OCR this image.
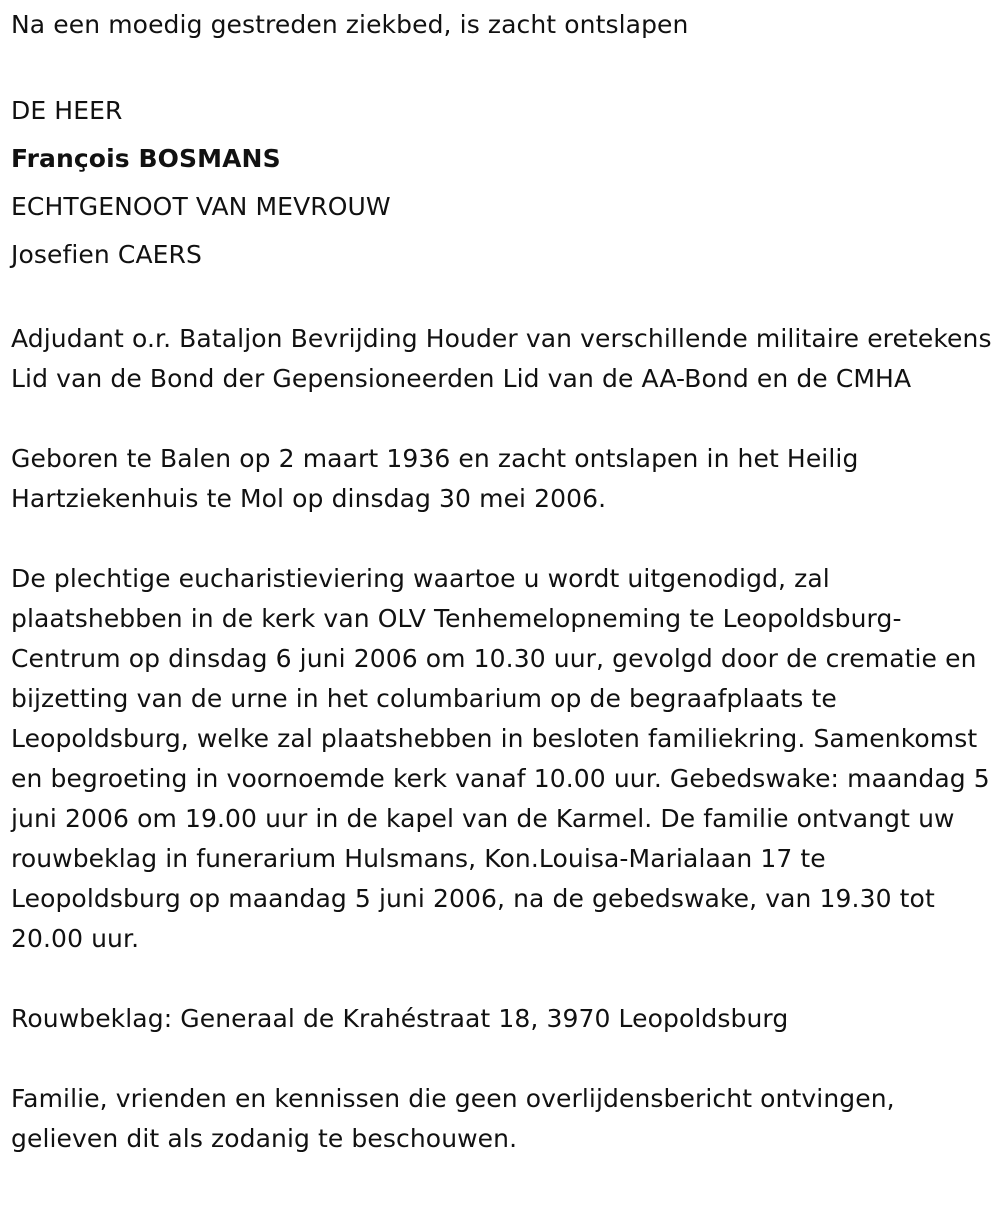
Na een moedig gestreden ziekbed, is zacht ontslapen

DE HEER

François BOSMANS

ECHTGENOOT VAN MEVROUW

Josefien CAERS

Adjudant o.r. Bataljon Bevrijding Houder van verschillende militaire eretekens Lid van de Bond der Gepensioneerden Lid van de AA-Bond en de CMHA

Geboren te Balen op 2 maart 1936 en zacht ontslapen in het Heilig Hartziekenhuis te Mol op dinsdag 30 mei 2006.

De plechtige eucharistieviering waartoe u wordt uitgenodigd, zal plaatshebben in de kerk van OLV Tenhemelopneming te Leopoldsburg-Centrum op dinsdag 6 juni 2006 om 10.30 uur, gevolgd door de crematie en bijzetting van de urne in het columbarium op de begraafplaats te Leopoldsburg, welke zal plaatshebben in besloten familiekring. Samenkomst en begroeting in voornoemde kerk vanaf 10.00 uur. Gebedswake: maandag 5 juni 2006 om 19.00 uur in de kapel van de Karmel. De familie ontvangt uw rouwbeklag in funerarium Hulsmans, Kon.Louisa-Marialaan 17 te Leopoldsburg op maandag 5 juni 2006, na de gebedswake, van 19.30 tot 20.00 uur.

Rouwbeklag: Generaal de Krahéstraat 18, 3970 Leopoldsburg

Familie, vrienden en kennissen die geen overlijdensbericht ontvingen, gelieven dit als zodanig te beschouwen.
